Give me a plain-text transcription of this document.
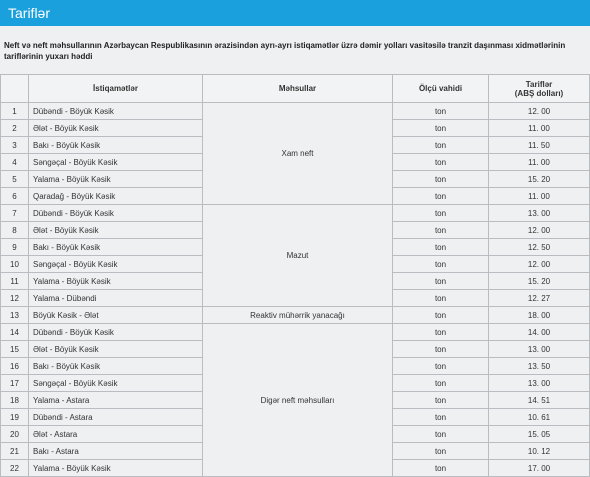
Tariflər
Neft və neft məhsullarının Azərbaycan Respublikasının ərazisindən ayrı-ayrı istiqamətlər üzrə dəmir yolları vasitəsilə tranzit daşınması xidmətlərinin tariflərinin yuxarı həddi
	İstiqamətlər	Məhsullar	Ölçü vahidi	Tariflər
(ABŞ dolları)

1	Dübəndi - Böyük Kəsik	Xam neft	ton	12. 00
2	Ələt - Böyük Kəsik		ton	11. 00
3	Bakı - Böyük Kəsik		ton	11. 50
4	Səngəçal - Böyük Kəsik		ton	11. 00
5	Yalama - Böyük Kəsik		ton	15. 20
6	Qaradağ - Böyük Kəsik		ton	11. 00
7	Dübəndi - Böyük Kəsik	Mazut	ton	13. 00
8	Ələt - Böyük Kəsik		ton	12. 00
9	Bakı - Böyük Kəsik		ton	12. 50
10	Səngəçal - Böyük Kəsik		ton	12. 00
11	Yalama - Böyük Kəsik		ton	15. 20
12	Yalama - Dübəndi		ton	12. 27
13	Böyük Kəsik - Ələt	Reaktiv mühərrik yanacağı	ton	18. 00
14	Dübəndi - Böyük Kəsik	Digər neft məhsulları	ton	14. 00
15	Ələt - Böyük Kəsik		ton	13. 00
16	Bakı - Böyük Kəsik		ton	13. 50
17	Səngəçal - Böyük Kəsik		ton	13. 00
18	Yalama - Astara		ton	14. 51
19	Dübəndi - Astara		ton	10. 61
20	Ələt - Astara		ton	15. 05
21	Bakı - Astara		ton	10. 12
22	Yalama - Böyük Kəsik		ton	17. 00
